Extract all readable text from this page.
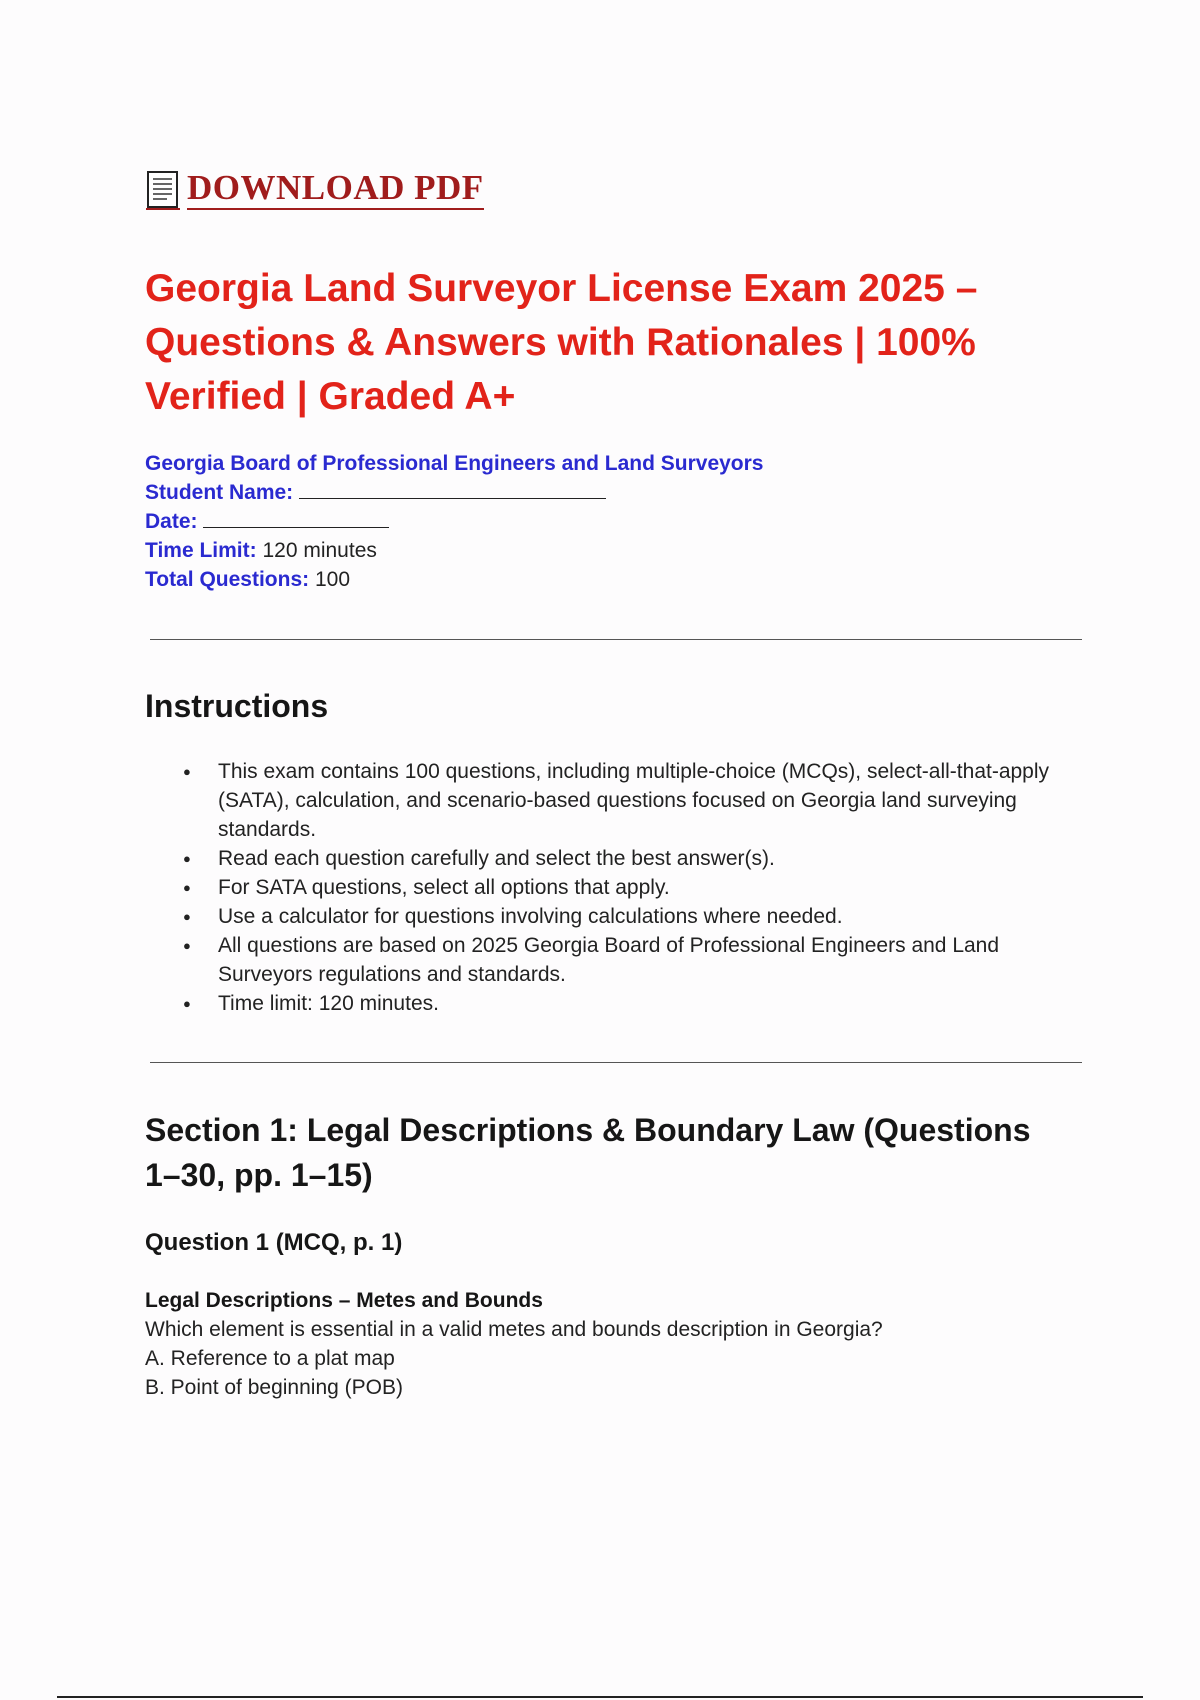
DOWNLOAD PDF
Georgia Land Surveyor License Exam 2025 – Questions & Answers with Rationales | 100% Verified | Graded A+
Georgia Board of Professional Engineers and Land Surveyors
Student Name:
Date:
Time Limit: 120 minutes
Total Questions: 100
Instructions
● This exam contains 100 questions, including multiple-choice (MCQs), select-all-that-apply (SATA), calculation, and scenario-based questions focused on Georgia land surveying standards.
● Read each question carefully and select the best answer(s).
● For SATA questions, select all options that apply.
● Use a calculator for questions involving calculations where needed.
● All questions are based on 2025 Georgia Board of Professional Engineers and Land Surveyors regulations and standards.
● Time limit: 120 minutes.
Section 1: Legal Descriptions & Boundary Law (Questions 1–30, pp. 1–15)
Question 1 (MCQ, p. 1)
Legal Descriptions – Metes and Bounds
Which element is essential in a valid metes and bounds description in Georgia?
A. Reference to a plat map
B. Point of beginning (POB)
